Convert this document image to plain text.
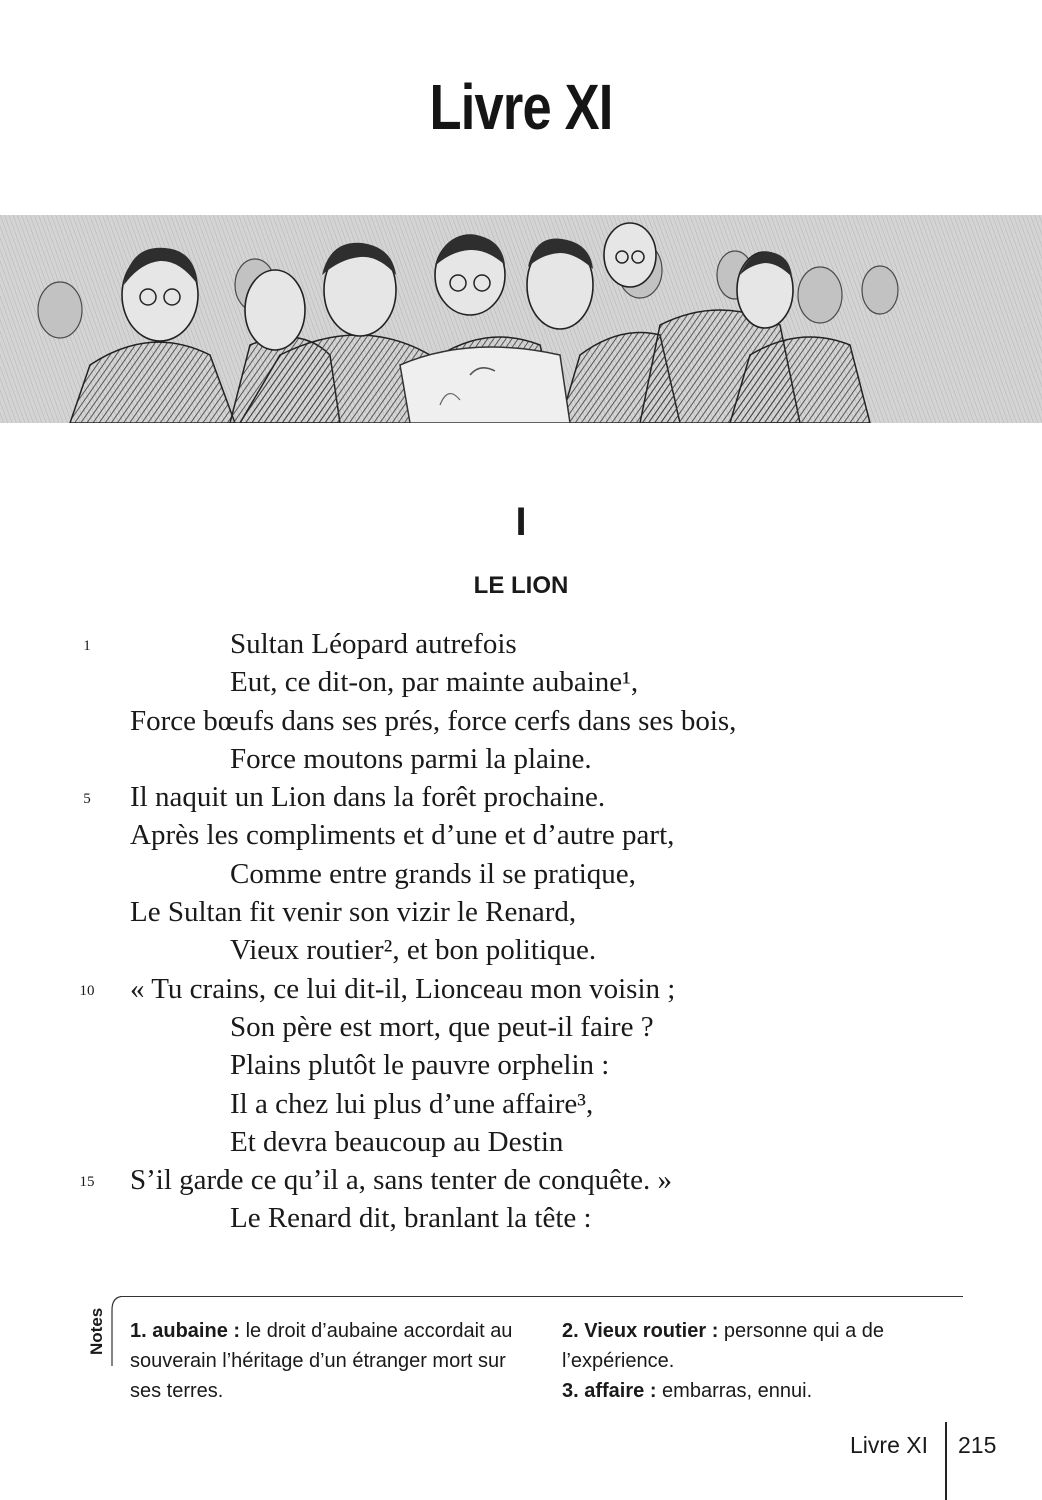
Livre XI
I
LE LION
1	Sultan Léopard autrefois
Eut, ce dit-on, par mainte aubaine¹,
Force bœufs dans ses prés, force cerfs dans ses bois,
Force moutons parmi la plaine.
5	Il naquit un Lion dans la forêt prochaine.
Après les compliments et d’une et d’autre part,
Comme entre grands il se pratique,
Le Sultan fit venir son vizir le Renard,
Vieux routier², et bon politique.
10	« Tu crains, ce lui dit-il, Lionceau mon voisin ;
Son père est mort, que peut-il faire ?
Plains plutôt le pauvre orphelin :
Il a chez lui plus d’une affaire³,
Et devra beaucoup au Destin
15	S’il garde ce qu’il a, sans tenter de conquête. »
Le Renard dit, branlant la tête :
Notes 1. aubaine : le droit d’aubaine accordait au souverain l’héritage d’un étranger mort sur ses terres.
2. Vieux routier : personne qui a de l’expérience.
3. affaire : embarras, ennui.
Livre XI 215
